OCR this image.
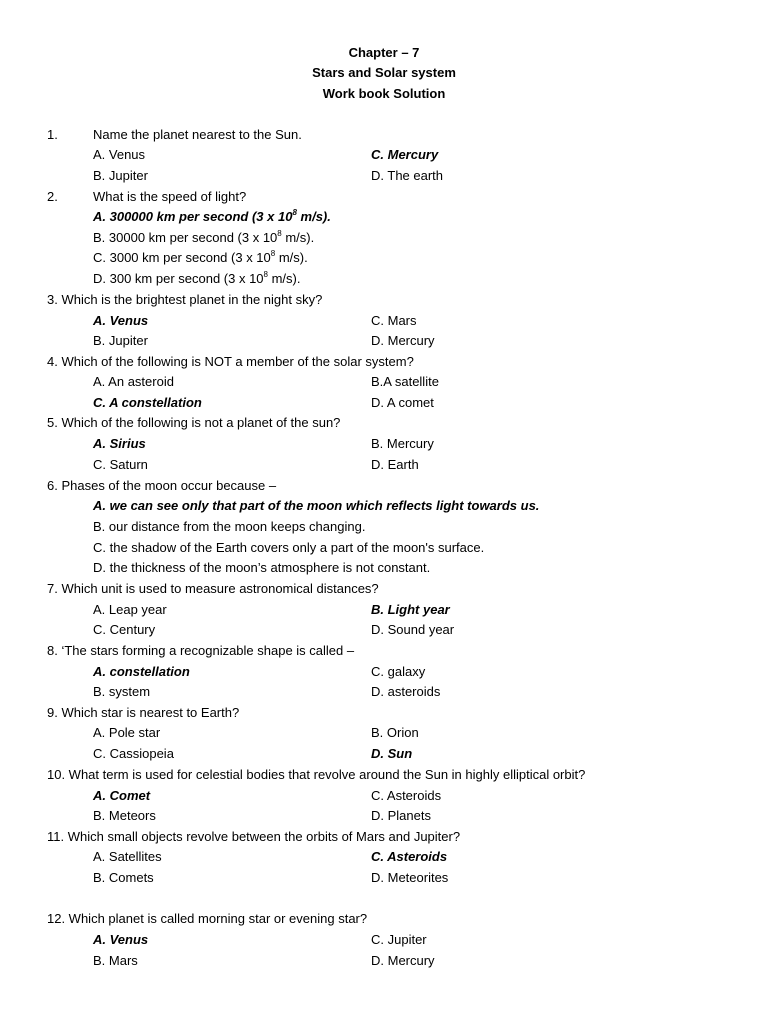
Chapter – 7
Stars and Solar system
Work book Solution
1.	Name the planet nearest to the Sun.
A. Venus	C. Mercury
B. Jupiter	D. The earth
2.	What is the speed of light?
A. 300000 km per second (3 x $10^8$ m/s).
B. 30000 km per second (3 x $10^8$ m/s).
C. 3000 km per second (3 x $10^8$ m/s).
D. 300 km per second (3 x $10^8$ m/s).
3. Which is the brightest planet in the night sky?
A. Venus	C. Mars
B. Jupiter	D. Mercury
4. Which of the following is NOT a member of the solar system?
A. An asteroid	B.A satellite
C. A constellation	D. A comet
5. Which of the following is not a planet of the sun?
A. Sirius	B. Mercury
C. Saturn	D. Earth
6. Phases of the moon occur because –
A. we can see only that part of the moon which reflects light towards us.
B. our distance from the moon keeps changing.
C. the shadow of the Earth covers only a part of the moon's surface.
D. the thickness of the moon’s atmosphere is not constant.
7. Which unit is used to measure astronomical distances?
A. Leap year	B. Light year
C. Century	D. Sound year
8. ‘The stars forming a recognizable shape is called –
A. constellation	C. galaxy
B. system	D. asteroids
9. Which star is nearest to Earth?
A. Pole star	B. Orion
C. Cassiopeia	D. Sun
10. What term is used for celestial bodies that revolve around the Sun in highly elliptical orbit?
A. Comet	C. Asteroids
B. Meteors	D. Planets
11. Which small objects revolve between the orbits of Mars and Jupiter?
A. Satellites	C. Asteroids
B. Comets	D. Meteorites
12. Which planet is called morning star or evening star?
A. Venus	C. Jupiter
B. Mars	D. Mercury
